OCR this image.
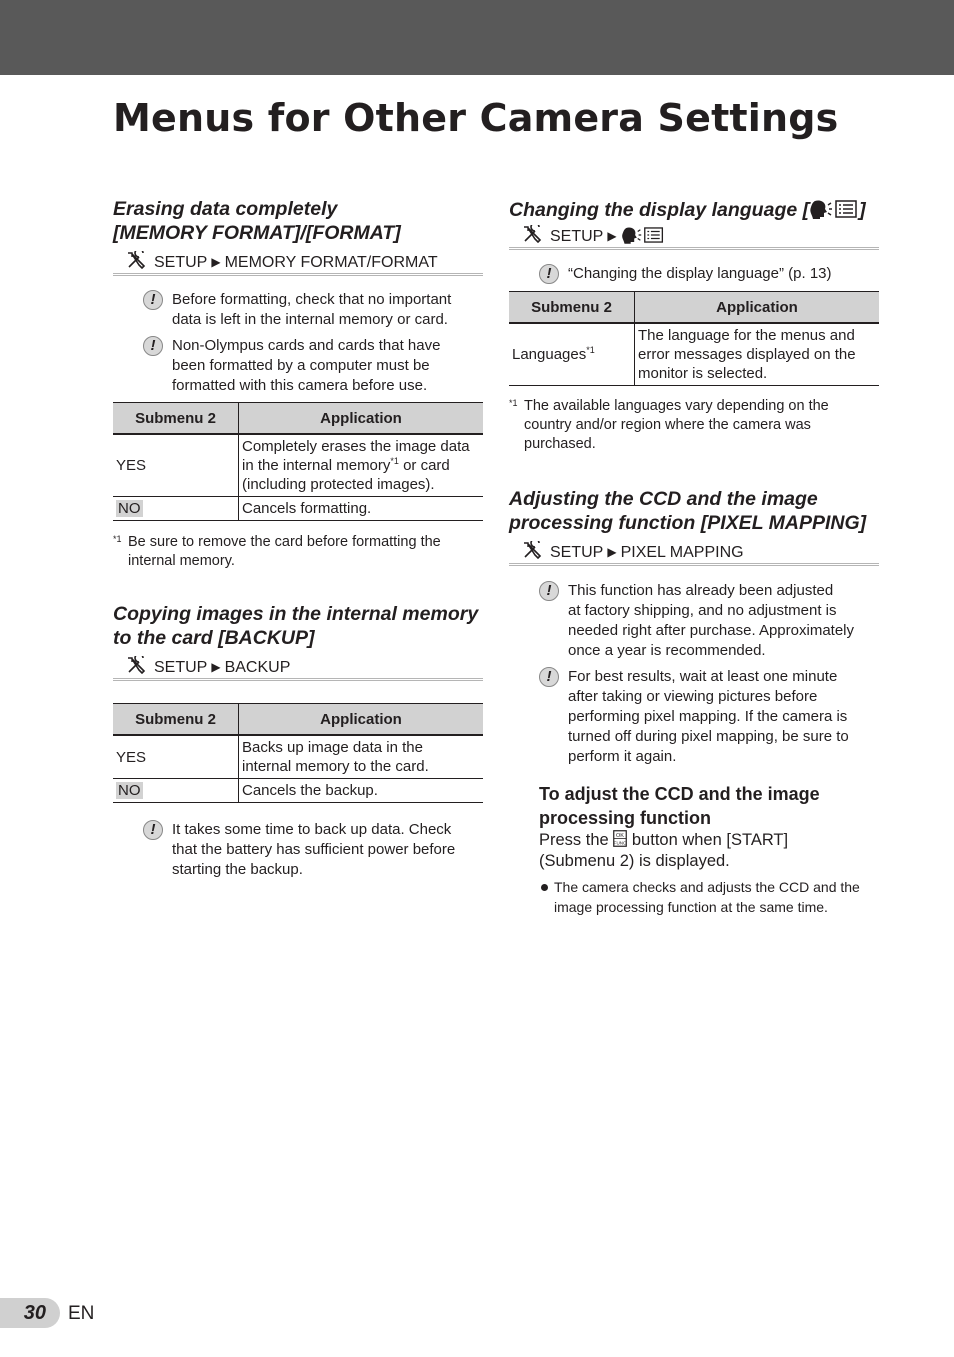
Menus for Other Camera Settings
Erasing data completely
[MEMORY FORMAT]/[FORMAT]
SETUP ▶ MEMORY FORMAT/FORMAT
! Before formatting, check that no important
data is left in the internal memory or card.
! Non-Olympus cards and cards that have
been formatted by a computer must be
formatted with this camera before use.
Submenu 2	Application
YES	Completely erases the image data
in the internal memory$^{*1}$ or card
(including protected images).

NO	Cancels formatting.
*1 Be sure to remove the card before formatting the
internal memory.
Copying images in the internal memory
to the card [BACKUP]
SETUP ▶ BACKUP
Submenu 2	Application
YES	Backs up image data in the
internal memory to the card.

NO	Cancels the backup.
! It takes some time to back up data. Check
that the battery has sufficient power before
starting the backup.
Changing the display language [	]
SETUP ▶
! “Changing the display language” (p. 13)
Submenu 2	Application
Languages$^{*1}$	The language for the menus and
error messages displayed on the
monitor is selected.
*1 The available languages vary depending on the
country and/or region where the camera was
purchased.
Adjusting the CCD and the image
processing function [PIXEL MAPPING]
SETUP ▶ PIXEL MAPPING
! This function has already been adjusted
at factory shipping, and no adjustment is
needed right after purchase. Approximately
once a year is recommended.
! For best results, wait at least one minute
after taking or viewing pictures before
performing pixel mapping. If the camera is
turned off during pixel mapping, be sure to
perform it again.
To adjust the CCD and the image
processing function
Press the OK
FUNC button when [START]
(Submenu 2) is displayed.
The camera checks and adjusts the CCD and the
image processing function at the same time.
30	EN
